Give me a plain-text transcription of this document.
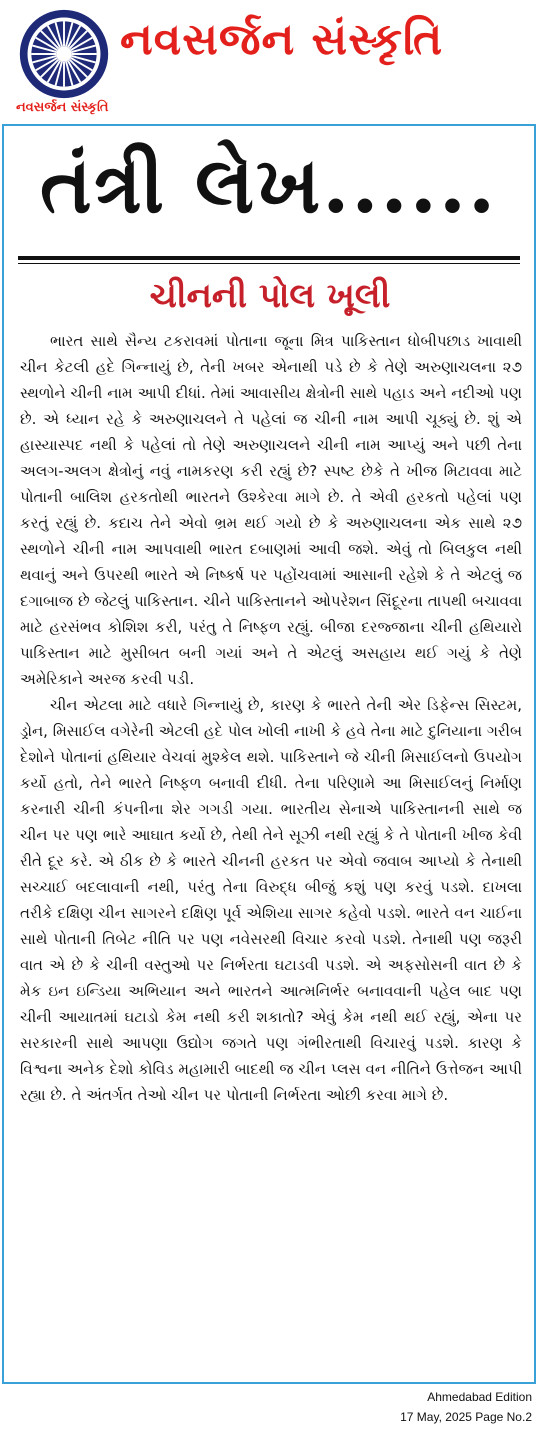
નવસર્જન સંસ્કૃતિ
નવસર્જન સંસ્કૃતિ
તંત્રી લેખ......
ચીનની પોલ ખૂલી

ભારત સાથે સૈન્ય ટકરાવમાં પોતાના જૂના મિત્ર પાકિસ્તાન ધોબીપછાડ ખાવાથી ચીન કેટલી હદે ગિન્નાયું છે, તેની ખબર એનાથી પડે છે કે તેણે અરુણાચલના ૨૭ સ્થળોને ચીની નામ આપી દીધાં. તેમાં આવાસીય ક્ષેત્રોની સાથે પહાડ અને નદીઓ પણ છે. એ ધ્યાન રહે કે અરુણાચલને તે પહેલાં જ ચીની નામ આપી ચૂક્યું છે. શું એ હાસ્યાસ્પદ નથી કે પહેલાં તો તેણે અરુણાચલને ચીની નામ આપ્યું અને પછી તેના અલગ-અલગ ક્ષેત્રોનું નવું નામકરણ કરી રહ્યું છે? સ્પષ્ટ છેકે તે ખીજ મિટાવવા માટે પોતાની બાલિશ હરકતોથી ભારતને ઉશ્કેરવા માગે છે. તે એવી હરકતો પહેલાં પણ કરતું રહ્યું છે. કદાચ તેને એવો ભ્રમ થઈ ગયો છે કે અરુણાચલના એક સાથે ૨૭ સ્થળોને ચીની નામ આપવાથી ભારત દબાણમાં આવી જશે. એવું તો બિલકુલ નથી થવાનું અને ઉપરથી ભારતે એ નિષ્કર્ષ પર પહોંચવામાં આસાની રહેશે કે તે એટલું જ દગાબાજ છે જેટલું પાકિસ્તાન. ચીને પાકિસ્તાનને ઓપરેશન સિંદૂરના તાપથી બચાવવા માટે હરસંભવ કોશિશ કરી, પરંતુ તે નિષ્ફળ રહ્યું. બીજા દરજ્જાના ચીની હથિયારો પાકિસ્તાન માટે મુસીબત બની ગયાં અને તે એટલું અસહાય થઈ ગયું કે તેણે અમેરિકાને અરજ કરવી પડી.

ચીન એટલા માટે વધારે ગિન્નાયું છે, કારણ કે ભારતે તેની એર ડિફેન્સ સિસ્ટમ, ડ્રોન, મિસાઈલ વગેરેની એટલી હદે પોલ ખોલી નાખી કે હવે તેના માટે દુનિયાના ગરીબ દેશોને પોતાનાં હથિયાર વેચવાં મુશ્કેલ થશે. પાકિસ્તાને જે ચીની મિસાઈલનો ઉપયોગ કર્યો હતો, તેને ભારતે નિષ્ફળ બનાવી દીધી. તેના પરિણામે આ મિસાઈલનું નિર્માણ કરનારી ચીની કંપનીના શેર ગગડી ગયા. ભારતીય સેનાએ પાકિસ્તાનની સાથે જ ચીન પર પણ ભારે આઘાત કર્યો છે, તેથી તેને સૂઝી નથી રહ્યું કે તે પોતાની ખીજ કેવી રીતે દૂર કરે. એ ઠીક છે કે ભારતે ચીનની હરકત પર એવો જવાબ આપ્યો કે તેનાથી સચ્ચાઈ બદલાવાની નથી, પરંતુ તેના વિરુદ્ધ બીજું કશું પણ કરવું પડશે. દાખલા તરીકે દક્ષિણ ચીન સાગરને દક્ષિણ પૂર્વ એશિયા સાગર કહેવો પડશે. ભારતે વન ચાઈના સાથે પોતાની તિબેટ નીતિ પર પણ નવેસરથી વિચાર કરવો પડશે. તેનાથી પણ જરૂરી વાત એ છે કે ચીની વસ્તુઓ પર નિર્ભરતા ઘટાડવી પડશે. એ અફસોસની વાત છે કે મેક ઇન ઇન્ડિયા અભિયાન અને ભારતને આત્મનિર્ભર બનાવવાની પહેલ બાદ પણ ચીની આયાતમાં ઘટાડો કેમ નથી કરી શકાતો? એવું કેમ નથી થઈ રહ્યું, એના પર સરકારની સાથે આપણા ઉદ્યોગ જગતે પણ ગંભીરતાથી વિચારવું પડશે. કારણ કે વિશ્વના અનેક દેશો કોવિડ મહામારી બાદથી જ ચીન પ્લસ વન નીતિને ઉત્તેજન આપી રહ્યા છે. તે અંતર્ગત તેઓ ચીન પર પોતાની નિર્ભરતા ઓછી કરવા માગે છે.

Ahmedabad Edition
17 May, 2025 Page No.2
